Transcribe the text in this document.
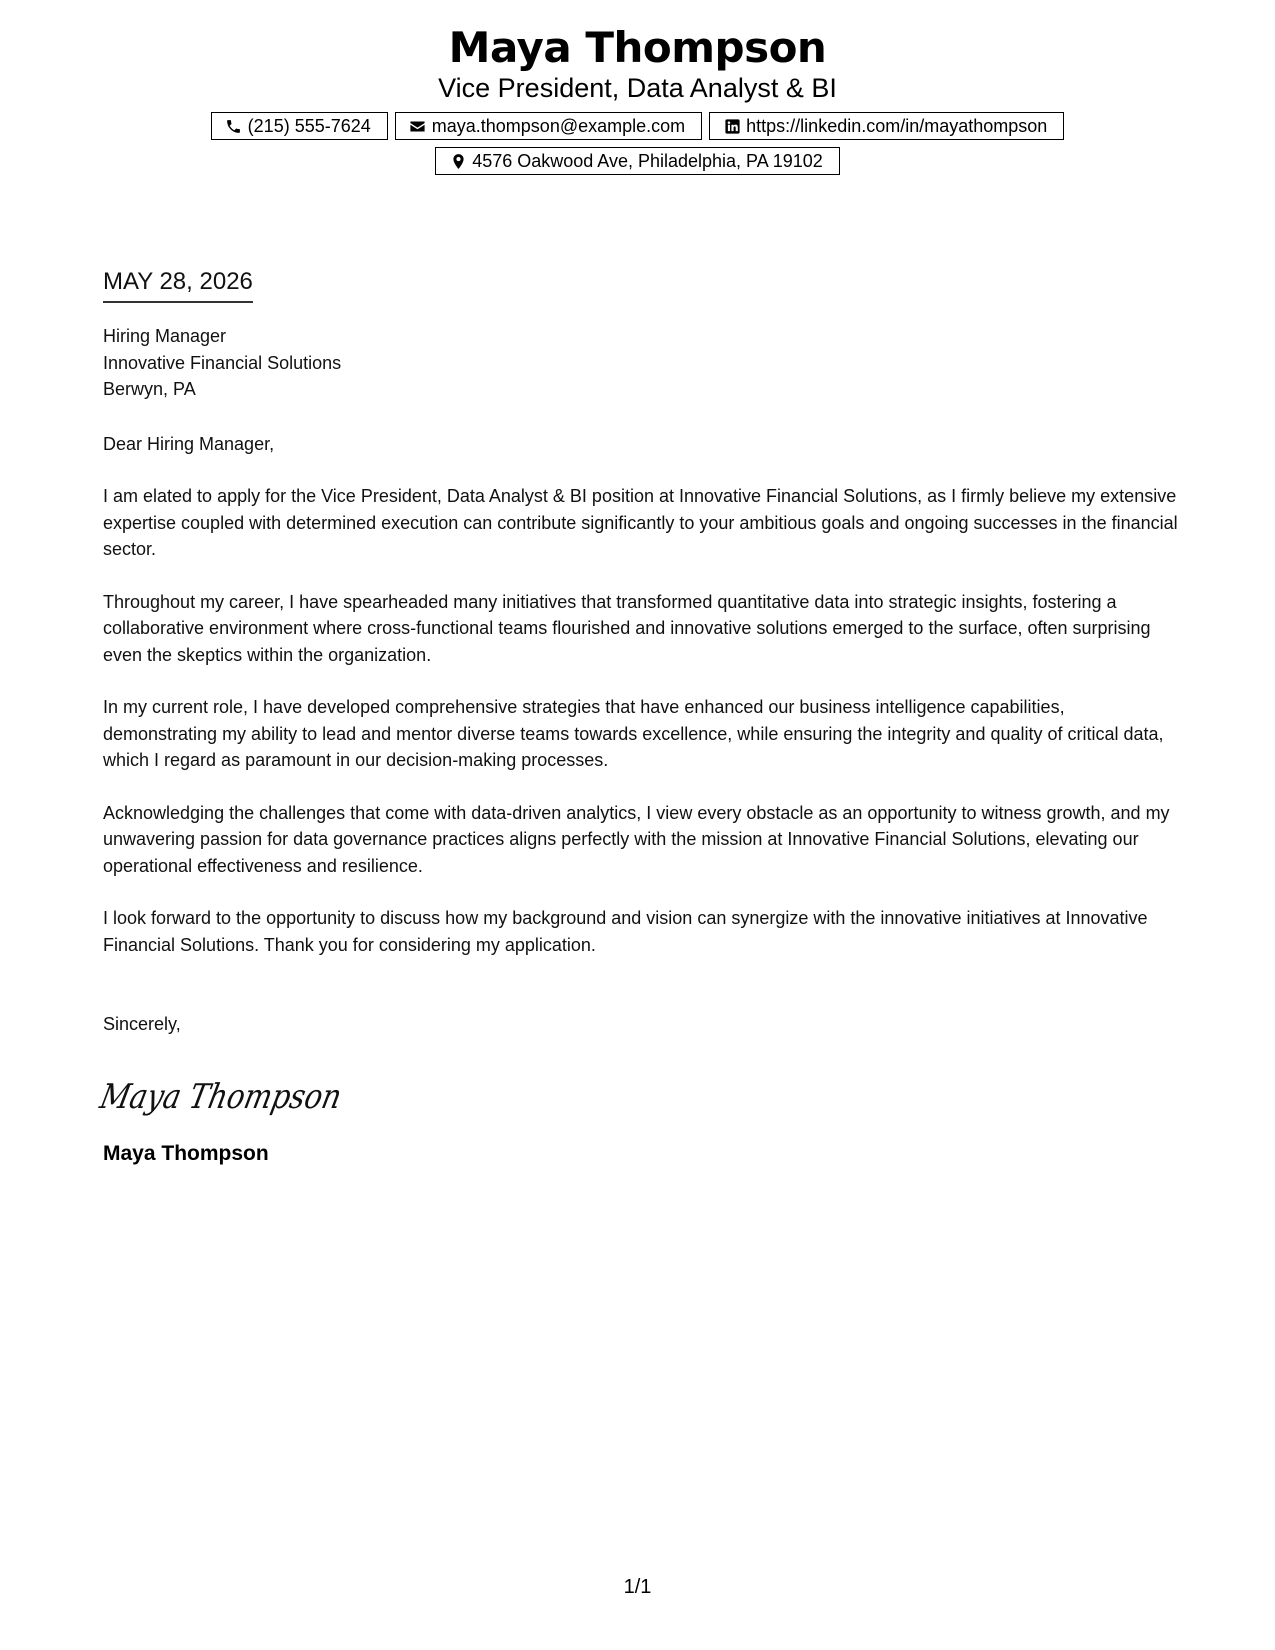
Maya Thompson
Vice President, Data Analyst & BI
(215) 555-7624	maya.thompson@example.com	https://linkedin.com/in/mayathompson
4576 Oakwood Ave, Philadelphia, PA 19102
MAY 28, 2026
Hiring Manager
Innovative Financial Solutions
Berwyn, PA
Dear Hiring Manager,
I am elated to apply for the Vice President, Data Analyst & BI position at Innovative Financial Solutions, as I firmly believe my extensive expertise coupled with determined execution can contribute significantly to your ambitious goals and ongoing successes in the financial sector.
Throughout my career, I have spearheaded many initiatives that transformed quantitative data into strategic insights, fostering a collaborative environment where cross-functional teams flourished and innovative solutions emerged to the surface, often surprising even the skeptics within the organization.
In my current role, I have developed comprehensive strategies that have enhanced our business intelligence capabilities, demonstrating my ability to lead and mentor diverse teams towards excellence, while ensuring the integrity and quality of critical data, which I regard as paramount in our decision-making processes.
Acknowledging the challenges that come with data-driven analytics, I view every obstacle as an opportunity to witness growth, and my unwavering passion for data governance practices aligns perfectly with the mission at Innovative Financial Solutions, elevating our operational effectiveness and resilience.
I look forward to the opportunity to discuss how my background and vision can synergize with the innovative initiatives at Innovative Financial Solutions. Thank you for considering my application.
Sincerely,
Maya Thompson
Maya Thompson
1/1
